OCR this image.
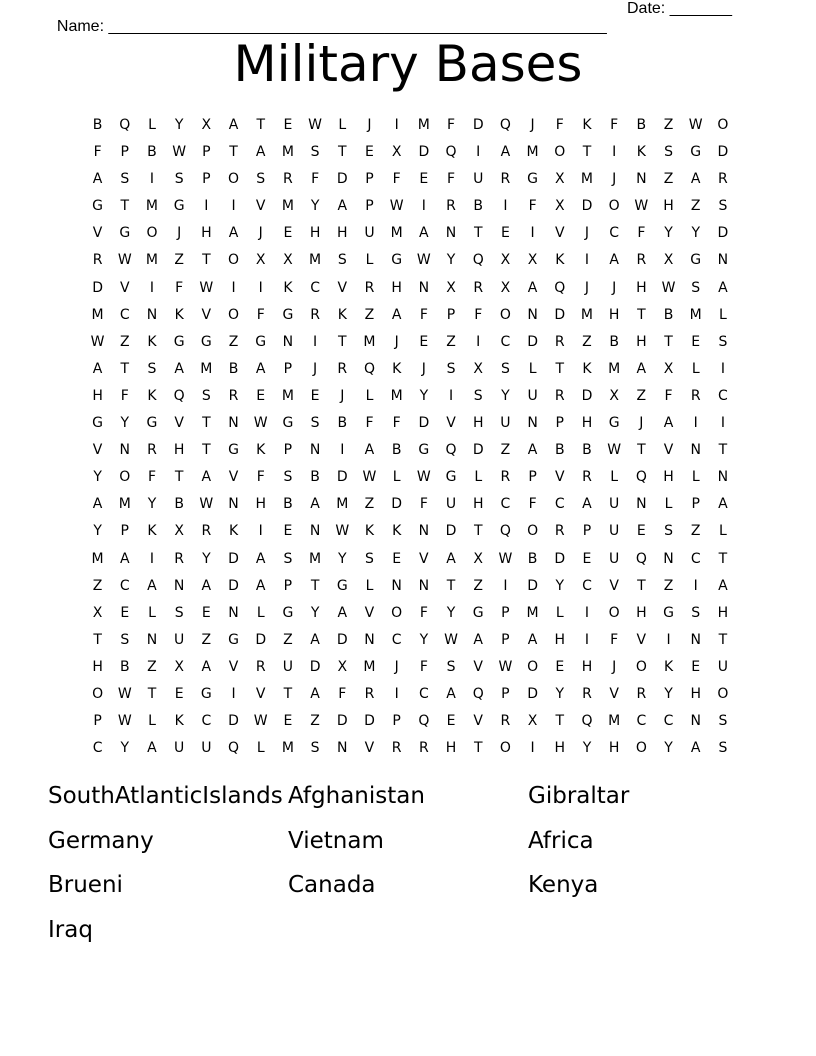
Name: ________________________________________________________

Date: _______

Military Bases
B	Q	L	Y	X	A	T	E	W	L	J	I	M	F	D	Q	J	F	K	F	B	Z	W	O
F	P	B	W	P	T	A	M	S	T	E	X	D	Q	I	A	M	O	T	I	K	S	G	D
A	S	I	S	P	O	S	R	F	D	P	F	E	F	U	R	G	X	M	J	N	Z	A	R
G	T	M	G	I	I	V	M	Y	A	P	W	I	R	B	I	F	X	D	O	W	H	Z	S
V	G	O	J	H	A	J	E	H	H	U	M	A	N	T	E	I	V	J	C	F	Y	Y	D
R	W	M	Z	T	O	X	X	M	S	L	G	W	Y	Q	X	X	K	I	A	R	X	G	N
D	V	I	F	W	I	I	K	C	V	R	H	N	X	R	X	A	Q	J	J	H	W	S	A
M	C	N	K	V	O	F	G	R	K	Z	A	F	P	F	O	N	D	M	H	T	B	M	L
W	Z	K	G	G	Z	G	N	I	T	M	J	E	Z	I	C	D	R	Z	B	H	T	E	S
A	T	S	A	M	B	A	P	J	R	Q	K	J	S	X	S	L	T	K	M	A	X	L	I
H	F	K	Q	S	R	E	M	E	J	L	M	Y	I	S	Y	U	R	D	X	Z	F	R	C
G	Y	G	V	T	N	W	G	S	B	F	F	D	V	H	U	N	P	H	G	J	A	I	I
V	N	R	H	T	G	K	P	N	I	A	B	G	Q	D	Z	A	B	B	W	T	V	N	T
Y	O	F	T	A	V	F	S	B	D	W	L	W	G	L	R	P	V	R	L	Q	H	L	N
A	M	Y	B	W	N	H	B	A	M	Z	D	F	U	H	C	F	C	A	U	N	L	P	A
Y	P	K	X	R	K	I	E	N	W	K	K	N	D	T	Q	O	R	P	U	E	S	Z	L
M	A	I	R	Y	D	A	S	M	Y	S	E	V	A	X	W	B	D	E	U	Q	N	C	T
Z	C	A	N	A	D	A	P	T	G	L	N	N	T	Z	I	D	Y	C	V	T	Z	I	A
X	E	L	S	E	N	L	G	Y	A	V	O	F	Y	G	P	M	L	I	O	H	G	S	H
T	S	N	U	Z	G	D	Z	A	D	N	C	Y	W	A	P	A	H	I	F	V	I	N	T
H	B	Z	X	A	V	R	U	D	X	M	J	F	S	V	W	O	E	H	J	O	K	E	U
O	W	T	E	G	I	V	T	A	F	R	I	C	A	Q	P	D	Y	R	V	R	Y	H	O
P	W	L	K	C	D	W	E	Z	D	D	P	Q	E	V	R	X	T	Q	M	C	C	N	S
C	Y	A	U	U	Q	L	M	S	N	V	R	R	H	T	O	I	H	Y	H	O	Y	A	S
SouthAtlanticIslands Afghanistan	Gibraltar
Germany	Vietnam	Africa
Brueni	Canada	Kenya
Iraq
